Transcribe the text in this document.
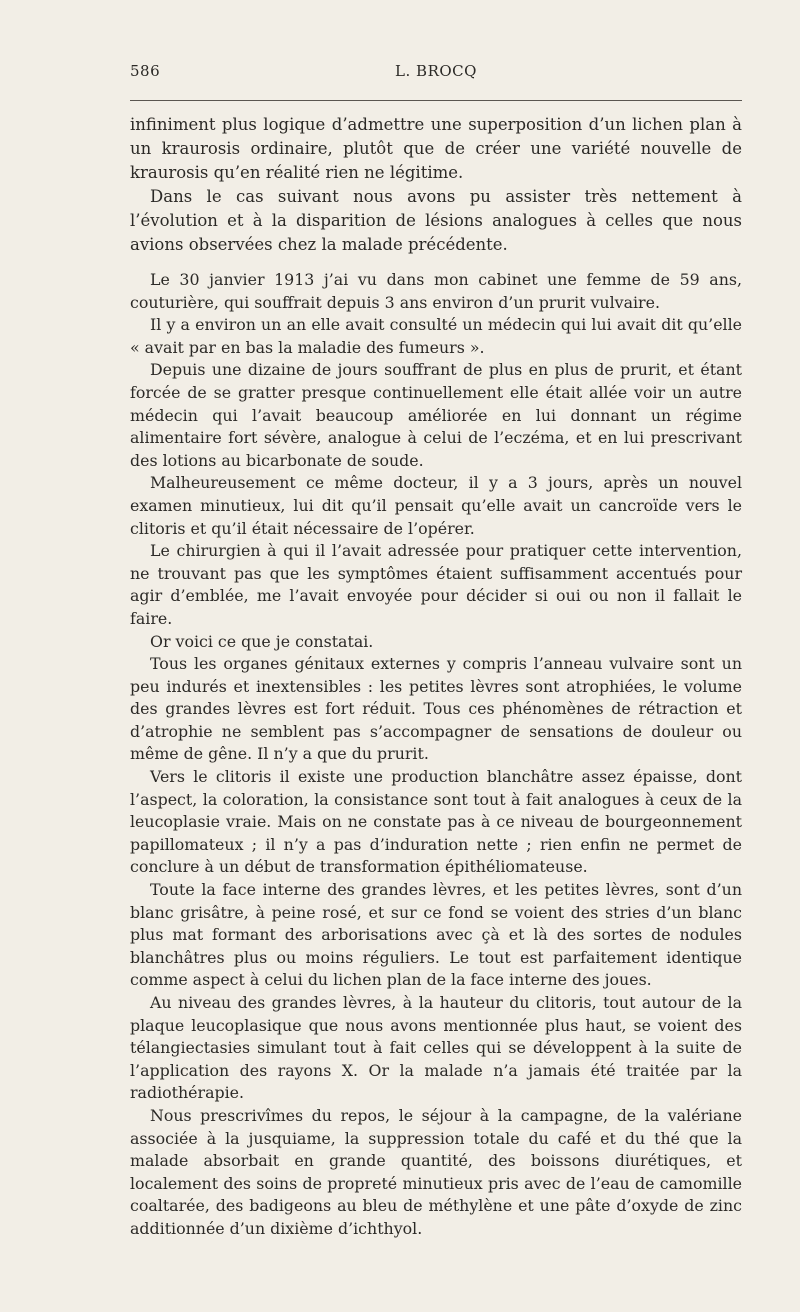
586	L. BROCQ

infiniment plus logique d’admettre une superposition d’un lichen plan à un kraurosis ordinaire, plutôt que de créer une variété nouvelle de kraurosis qu’en réalité rien ne légitime.

Dans le cas suivant nous avons pu assister très nettement à l’évolution et à la disparition de lésions analogues à celles que nous avions observées chez la malade précédente.

Le 30 janvier 1913 j’ai vu dans mon cabinet une femme de 59 ans, couturière, qui souffrait depuis 3 ans environ d’un prurit vulvaire.

Il y a environ un an elle avait consulté un médecin qui lui avait dit qu’elle « avait par en bas la maladie des fumeurs ».

Depuis une dizaine de jours souffrant de plus en plus de prurit, et étant forcée de se gratter presque continuellement elle était allée voir un autre médecin qui l’avait beaucoup améliorée en lui donnant un régime alimentaire fort sévère, analogue à celui de l’eczéma, et en lui prescrivant des lotions au bicarbonate de soude.

Malheureusement ce même docteur, il y a 3 jours, après un nouvel examen minutieux, lui dit qu’il pensait qu’elle avait un cancroïde vers le clitoris et qu’il était nécessaire de l’opérer.

Le chirurgien à qui il l’avait adressée pour pratiquer cette intervention, ne trouvant pas que les symptômes étaient suffisamment accentués pour agir d’emblée, me l’avait envoyée pour décider si oui ou non il fallait le faire.

Or voici ce que je constatai.

Tous les organes génitaux externes y compris l’anneau vulvaire sont un peu indurés et inextensibles : les petites lèvres sont atrophiées, le volume des grandes lèvres est fort réduit. Tous ces phénomènes de rétraction et d’atrophie ne semblent pas s’accompagner de sensations de douleur ou même de gêne. Il n’y a que du prurit.

Vers le clitoris il existe une production blanchâtre assez épaisse, dont l’aspect, la coloration, la consistance sont tout à fait analogues à ceux de la leucoplasie vraie. Mais on ne constate pas à ce niveau de bourgeonnement papillomateux ; il n’y a pas d’induration nette ; rien enfin ne permet de conclure à un début de transformation épithéliomateuse.

Toute la face interne des grandes lèvres, et les petites lèvres, sont d’un blanc grisâtre, à peine rosé, et sur ce fond se voient des stries d’un blanc plus mat formant des arborisations avec çà et là des sortes de nodules blanchâtres plus ou moins réguliers. Le tout est parfaitement identique comme aspect à celui du lichen plan de la face interne des joues.

Au niveau des grandes lèvres, à la hauteur du clitoris, tout autour de la plaque leucoplasique que nous avons mentionnée plus haut, se voient des télangiectasies simulant tout à fait celles qui se développent à la suite de l’application des rayons X. Or la malade n’a jamais été traitée par la radiothérapie.

Nous prescrivîmes du repos, le séjour à la campagne, de la valériane associée à la jusquiame, la suppression totale du café et du thé que la malade absorbait en grande quantité, des boissons diurétiques, et localement des soins de propreté minutieux pris avec de l’eau de camomille coaltarée, des badigeons au bleu de méthylène et une pâte d’oxyde de zinc additionnée d’un dixième d’ichthyol.
